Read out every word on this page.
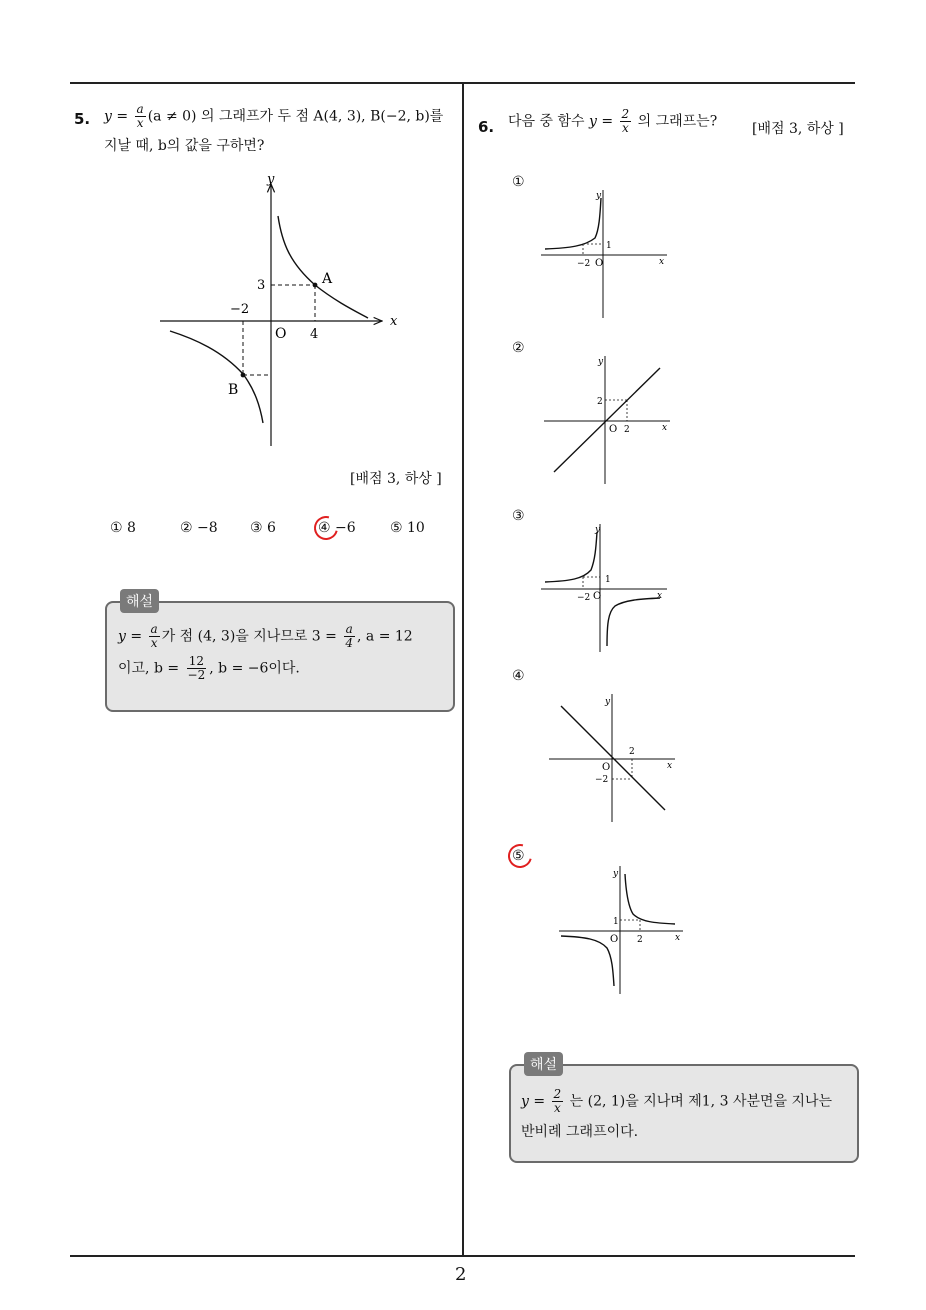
2
5. $y = \frac{a}{x} (a \ne 0)$ 의 그래프가 두 점 A(4, 3), B(−2, b)를
지날 때, b의 값을 구하면?
y
x
O
3
4
−2
A
B
[배점 3, 하상 ]
① 8	② −8 ③ 6	④ −6 ⑤ 10
해설
$y = \frac{a}{x}$ 가 점 (4, 3)을 지나므로 $3 = \frac{a}{4}$ , a = 12
이고, $b = \frac{12}{-2}$ , b = −6이다.
6. 다음 중 함수 $y = \frac{2}{x}$ 의 그래프는? [배점 3, 하상 ]
①
y
x
O
1
−2
②
y
x
O
2
2
③
y
x
O
1
−2
④
y
x
O
2
−2
⑤
y
x
O
1
2
해설
$y = \frac{2}{x}$ 는 (2, 1)을 지나며 제1, 3 사분면을 지나는
반비례 그래프이다.
